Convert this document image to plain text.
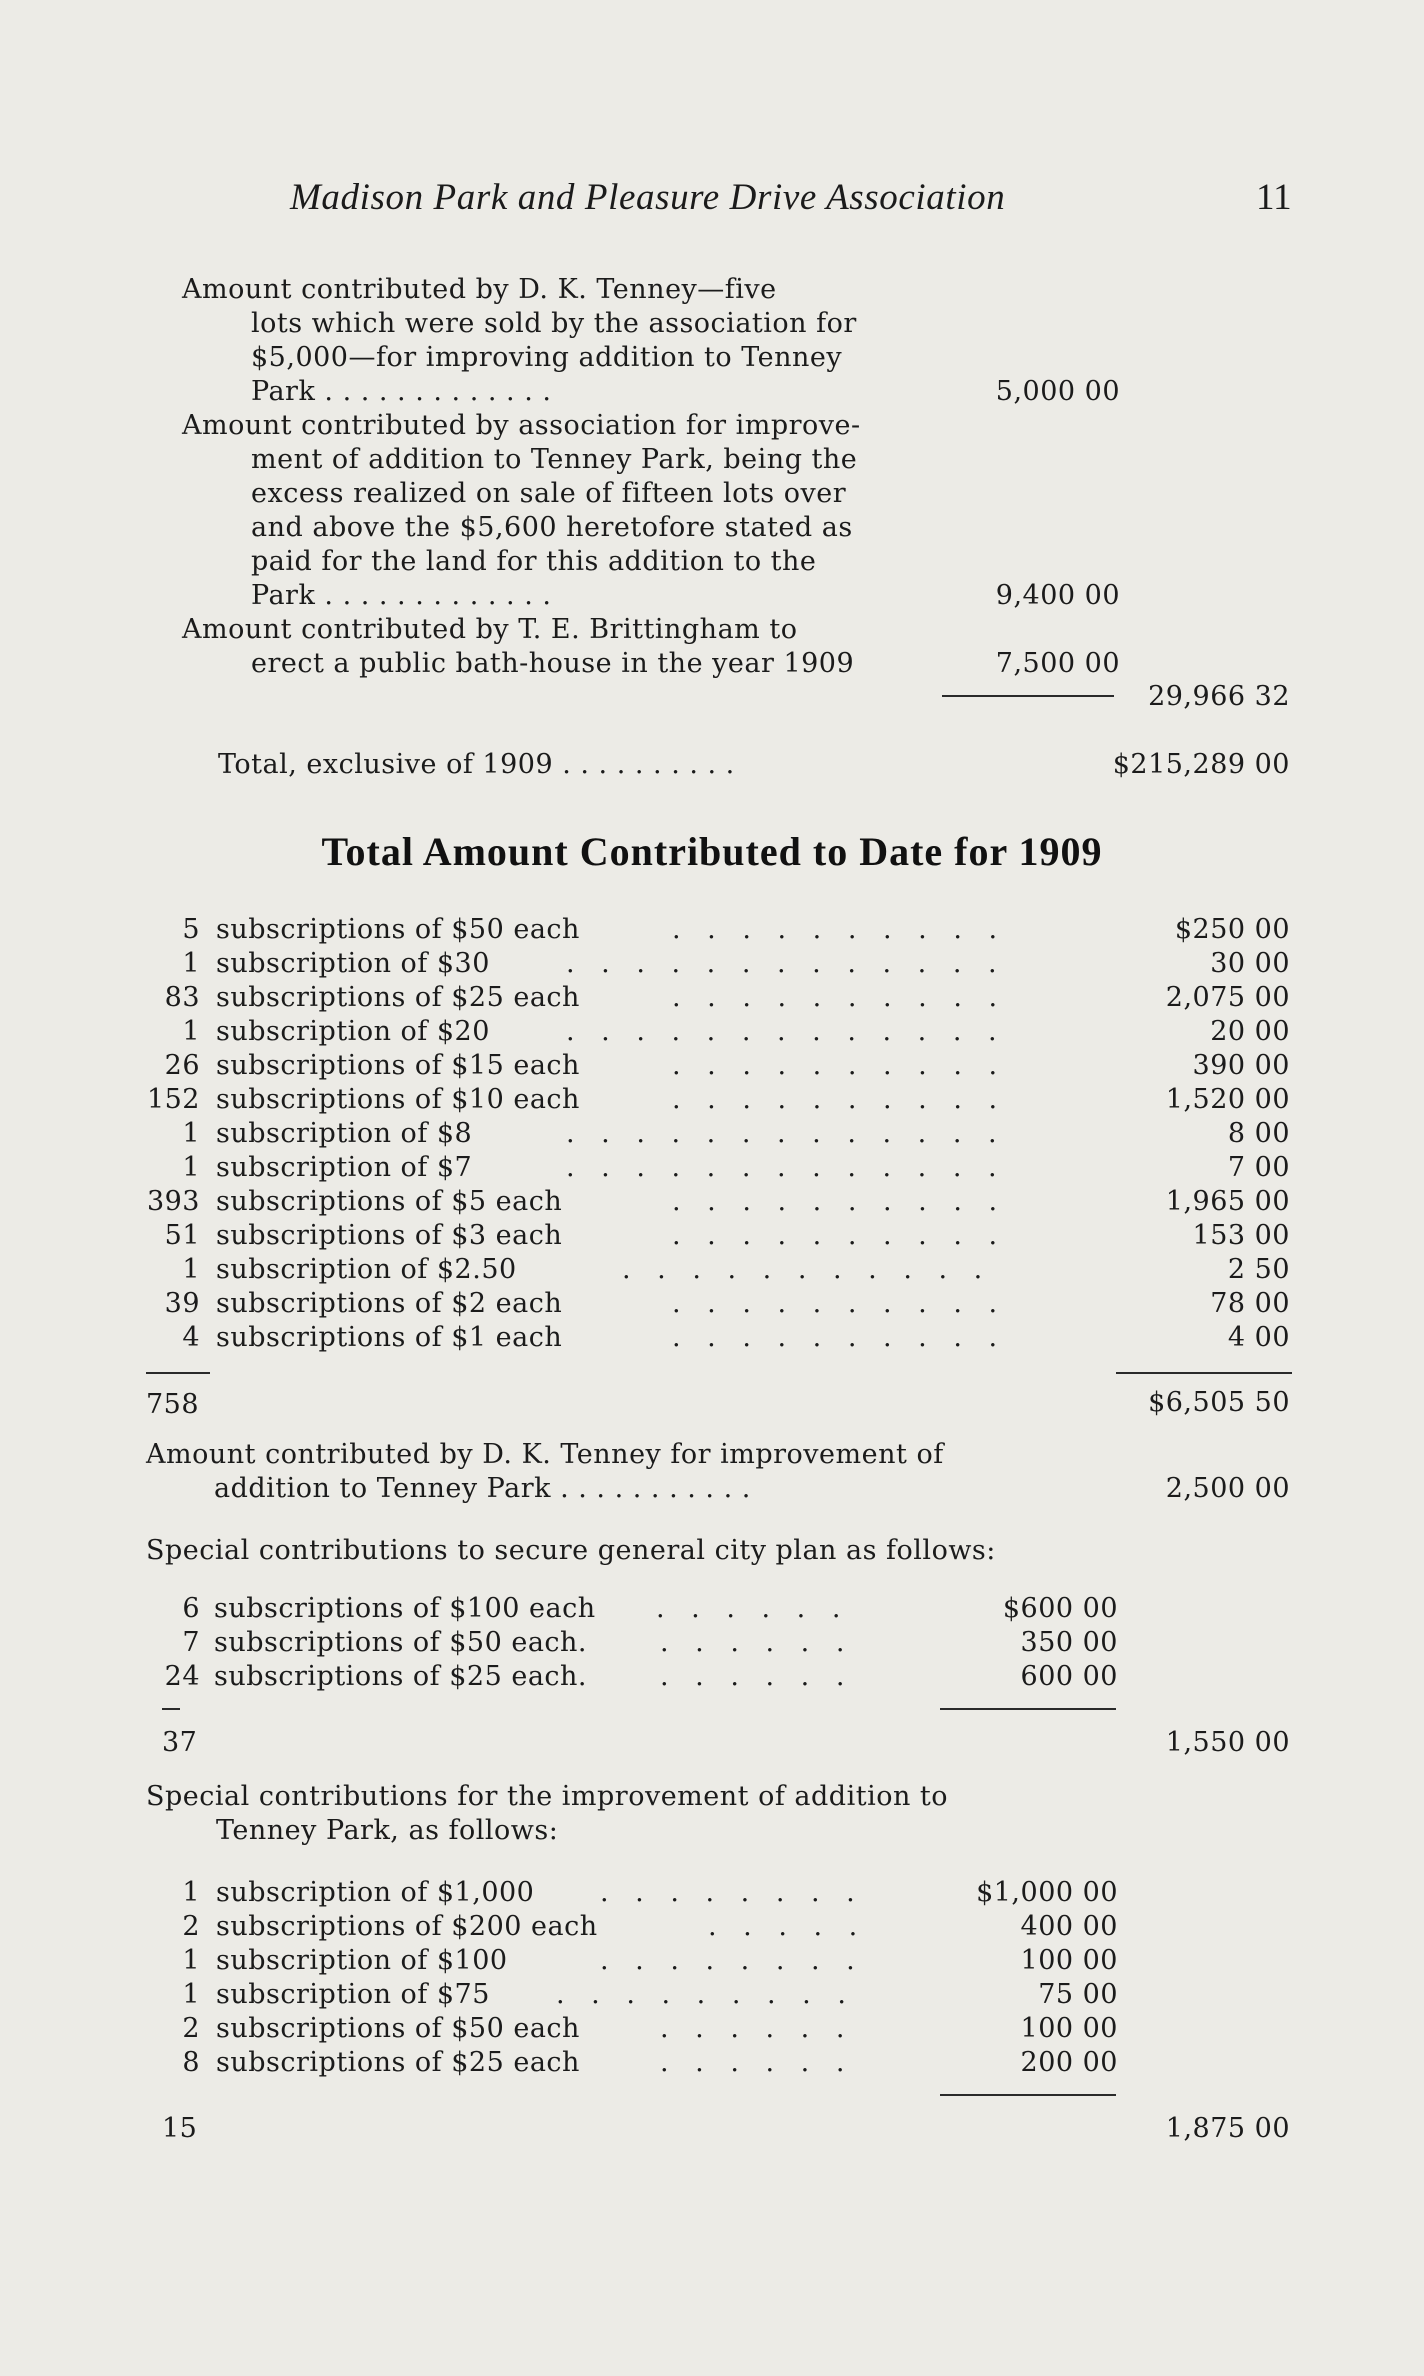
Madison Park and Pleasure Drive Association	11
Amount contributed by D. K. Tenney—five
lots which were sold by the association for
$5,000—for improving addition to Tenney
Park . . . . . . . . . . . . .	5,000 00
Amount contributed by association for improve-
ment of addition to Tenney Park, being the
excess realized on sale of fifteen lots over
and above the $5,600 heretofore stated as
paid for the land for this addition to the
Park . . . . . . . . . . . . .	9,400 00
Amount contributed by T. E. Brittingham to
erect a public bath-house in the year 1909	7,500 00
29,966 32
Total, exclusive of 1909 . . . . . . . . . .	$215,289 00
Total Amount Contributed to Date for 1909
5 subscriptions of $50 each	. . . . . . . . . .	$250 00
1 subscription of $30	. . . . . . . . . . . . .	30 00
83 subscriptions of $25 each	. . . . . . . . . .	2,075 00
1 subscription of $20	. . . . . . . . . . . . .	20 00
26 subscriptions of $15 each	. . . . . . . . . .	390 00
152 subscriptions of $10 each	. . . . . . . . . .	1,520 00
1 subscription of $8	. . . . . . . . . . . . .	8 00
1 subscription of $7	. . . . . . . . . . . . .	7 00
393 subscriptions of $5 each	. . . . . . . . . .	1,965 00
51 subscriptions of $3 each	. . . . . . . . . .	153 00
1 subscription of $2.50	. . . . . . . . . . .	2 50
39 subscriptions of $2 each	. . . . . . . . . .	78 00
4 subscriptions of $1 each	. . . . . . . . . .	4 00
758	$6,505 50
Amount contributed by D. K. Tenney for improvement of
addition to Tenney Park . . . . . . . . . . .	2,500 00
Special contributions to secure general city plan as follows:
6 subscriptions of $100 each . . . . . .	$600 00
7 subscriptions of $50 each.	. . . . . .	350 00
24 subscriptions of $25 each.	. . . . . .	600 00
37	1,550 00
Special contributions for the improvement of addition to
Tenney Park, as follows:
1 subscription of $1,000 . . . . . . . .	$1,000 00
2 subscriptions of $200 each	. . . . .	400 00
1 subscription of $100	. . . . . . . .	100 00
1 subscription of $75 . . . . . . . . .	75 00
2 subscriptions of $50 each	. . . . . .	100 00
8 subscriptions of $25 each	. . . . . .	200 00
15	1,875 00
